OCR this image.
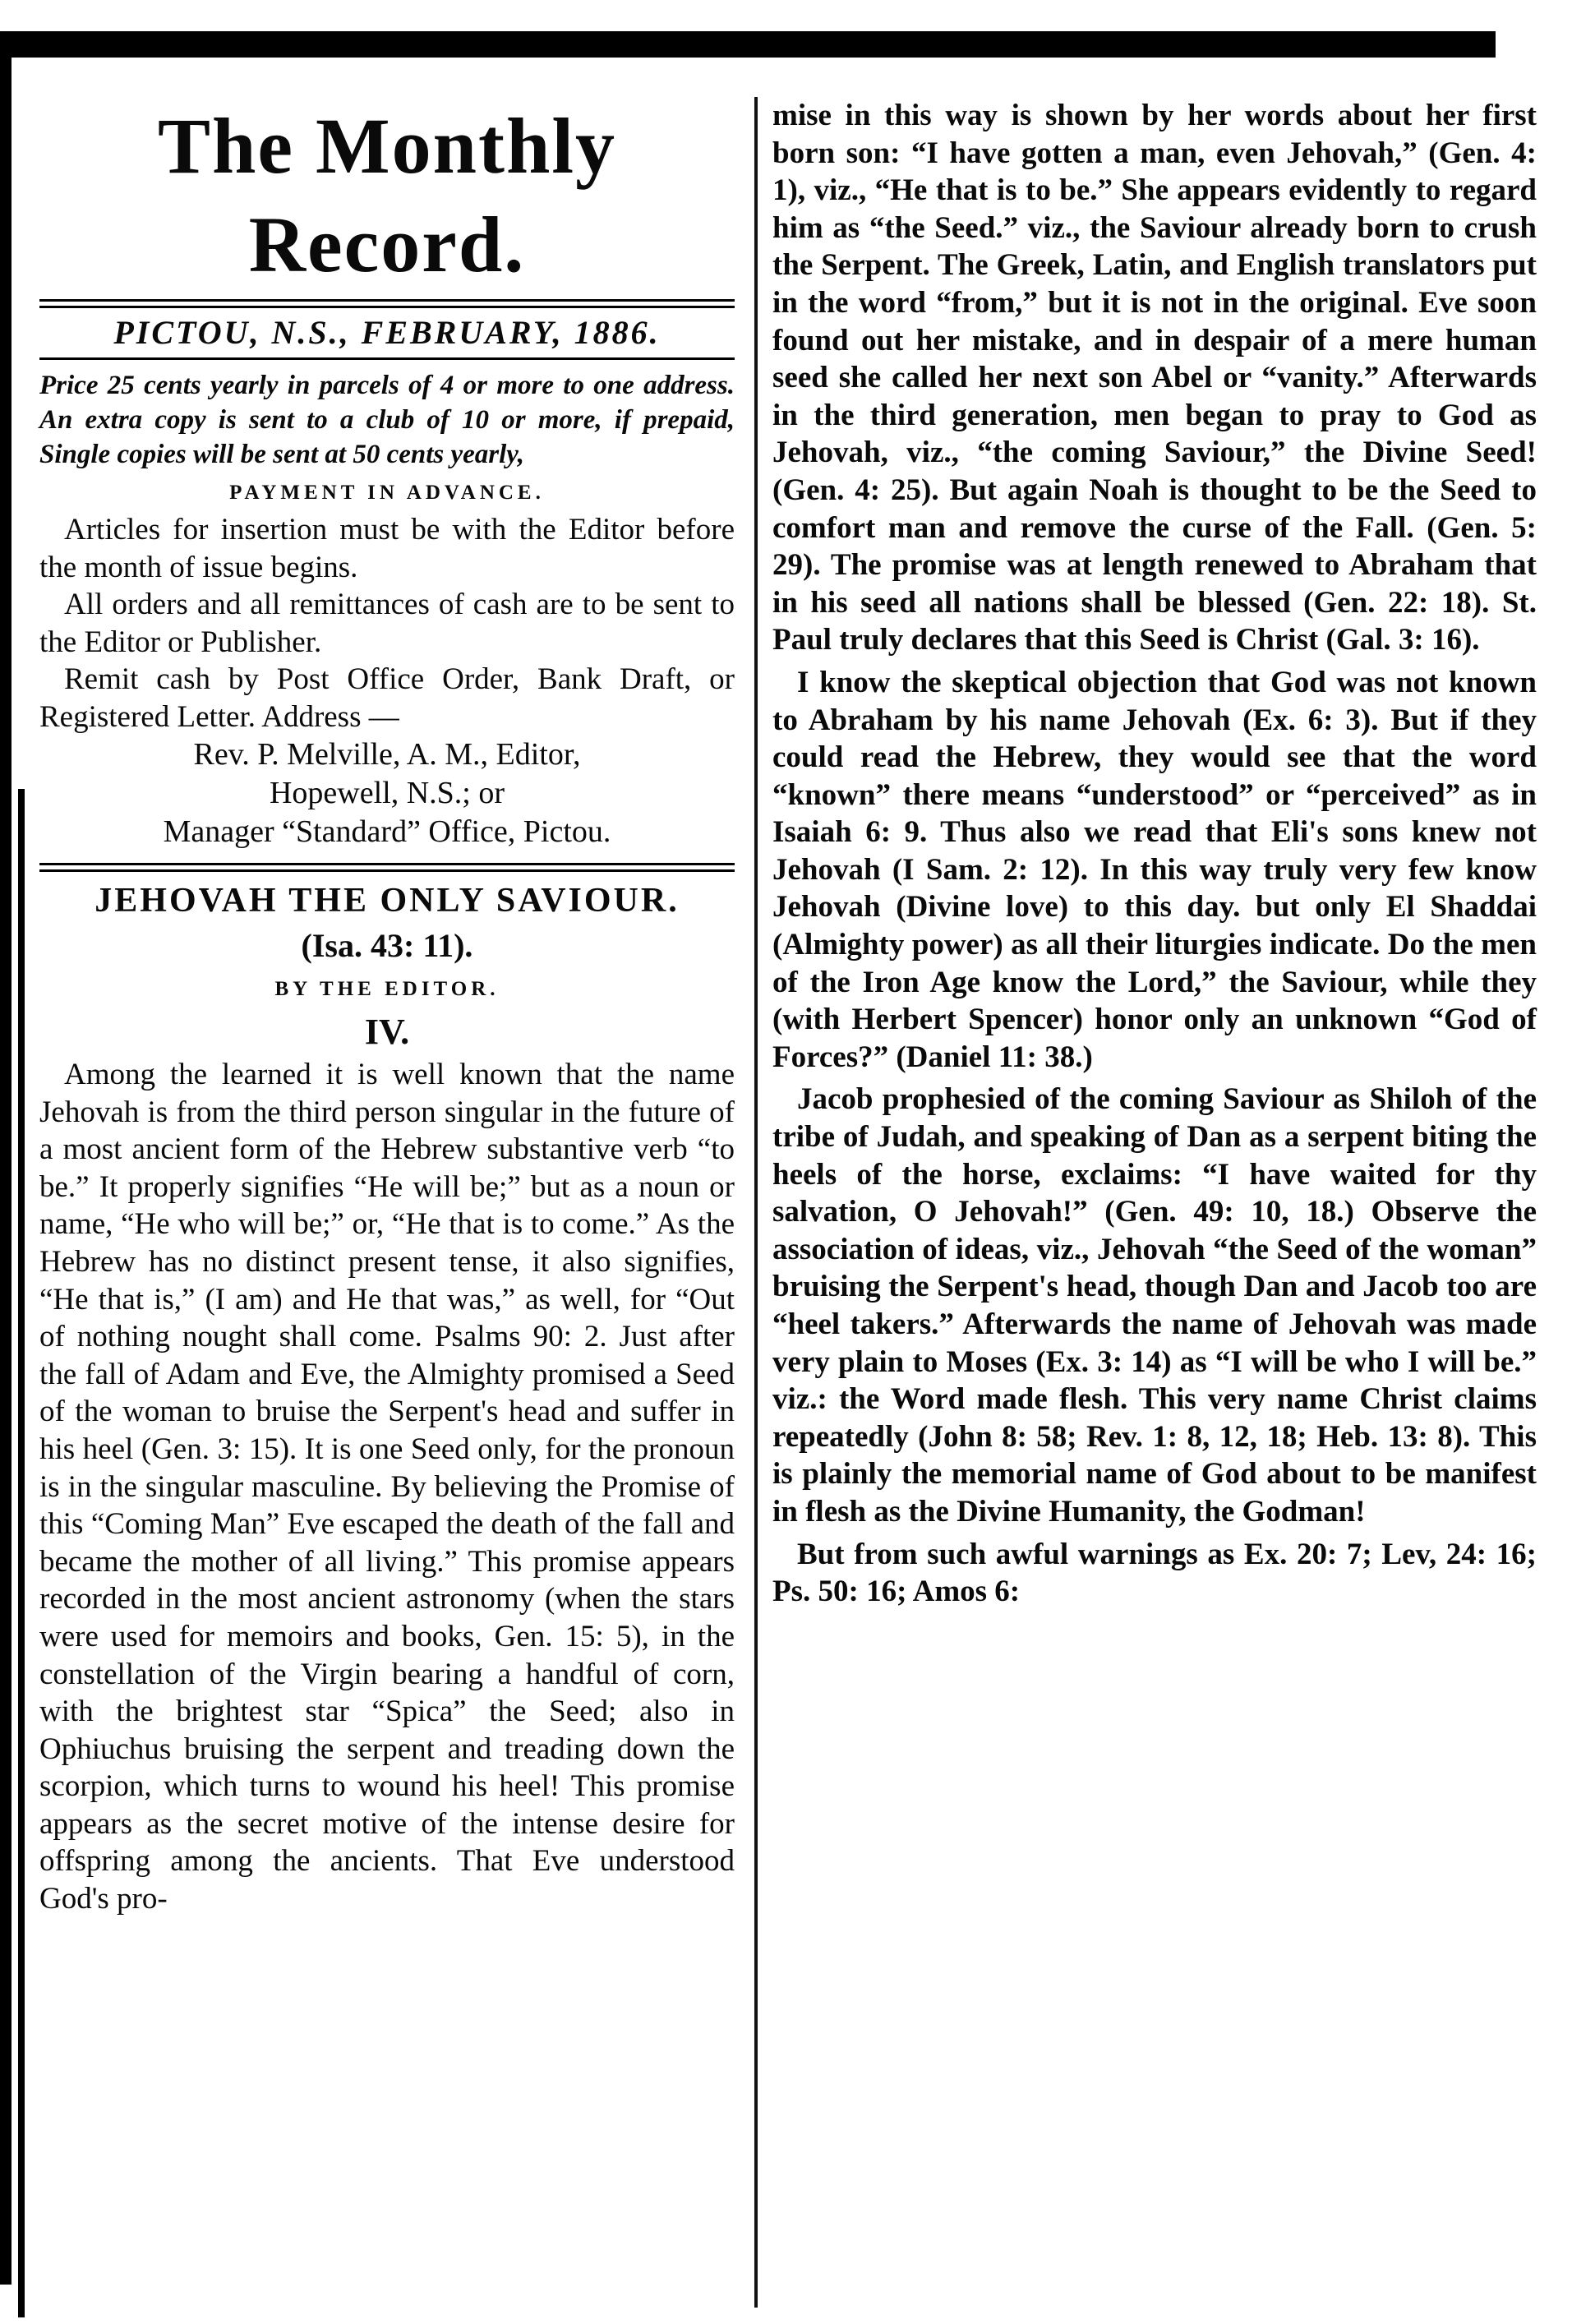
The Monthly Record.
PICTOU, N.S., FEBRUARY, 1886.

Price 25 cents yearly in parcels of 4 or more to one address. An extra copy is sent to a club of 10 or more, if prepaid, Single copies will be sent at 50 cents yearly,

PAYMENT IN ADVANCE.

Articles for insertion must be with the Editor before the month of issue begins.

All orders and all remittances of cash are to be sent to the Editor or Publisher.

Remit cash by Post Office Order, Bank Draft, or Registered Letter. Address —

Rev. P. Melville, A. M., Editor,

Hopewell, N.S.; or

Manager “Standard” Office, Pictou.

JEHOVAH THE ONLY SAVIOUR.
(Isa. 43: 11).
BY THE EDITOR.
IV.

Among the learned it is well known that the name Jehovah is from the third person singular in the future of a most ancient form of the Hebrew substantive verb “to be.” It properly signifies “He will be;” but as a noun or name, “He who will be;” or, “He that is to come.” As the Hebrew has no distinct present tense, it also signifies, “He that is,” (I am) and He that was,” as well, for “Out of nothing nought shall come. Psalms 90: 2. Just after the fall of Adam and Eve, the Almighty promised a Seed of the woman to bruise the Serpent's head and suffer in his heel (Gen. 3: 15). It is one Seed only, for the pronoun is in the singular masculine. By believing the Promise of this “Coming Man” Eve escaped the death of the fall and became the mother of all living.” This promise appears recorded in the most ancient astronomy (when the stars were used for memoirs and books, Gen. 15: 5), in the constellation of the Virgin bearing a handful of corn, with the brightest star “Spica” the Seed; also in Ophiuchus bruising the serpent and treading down the scorpion, which turns to wound his heel! This promise appears as the secret motive of the intense desire for offspring among the ancients. That Eve understood God's pro-

mise in this way is shown by her words about her first born son: “I have gotten a man, even Jehovah,” (Gen. 4: 1), viz., “He that is to be.” She appears evidently to regard him as “the Seed.” viz., the Saviour already born to crush the Serpent. The Greek, Latin, and English translators put in the word “from,” but it is not in the original. Eve soon found out her mistake, and in despair of a mere human seed she called her next son Abel or “vanity.” Afterwards in the third generation, men began to pray to God as Jehovah, viz., “the coming Saviour,” the Divine Seed! (Gen. 4: 25). But again Noah is thought to be the Seed to comfort man and remove the curse of the Fall. (Gen. 5: 29). The promise was at length renewed to Abraham that in his seed all nations shall be blessed (Gen. 22: 18). St. Paul truly declares that this Seed is Christ (Gal. 3: 16).

I know the skeptical objection that God was not known to Abraham by his name Jehovah (Ex. 6: 3). But if they could read the Hebrew, they would see that the word “known” there means “understood” or “perceived” as in Isaiah 6: 9. Thus also we read that Eli's sons knew not Jehovah (I Sam. 2: 12). In this way truly very few know Jehovah (Divine love) to this day. but only El Shaddai (Almighty power) as all their liturgies indicate. Do the men of the Iron Age know the Lord,” the Saviour, while they (with Herbert Spencer) honor only an unknown “God of Forces?” (Daniel 11: 38.)

Jacob prophesied of the coming Saviour as Shiloh of the tribe of Judah, and speaking of Dan as a serpent biting the heels of the horse, exclaims: “I have waited for thy salvation, O Jehovah!” (Gen. 49: 10, 18.) Observe the association of ideas, viz., Jehovah “the Seed of the woman” bruising the Serpent's head, though Dan and Jacob too are “heel takers.” Afterwards the name of Jehovah was made very plain to Moses (Ex. 3: 14) as “I will be who I will be.” viz.: the Word made flesh. This very name Christ claims repeatedly (John 8: 58; Rev. 1: 8, 12, 18; Heb. 13: 8). This is plainly the memorial name of God about to be manifest in flesh as the Divine Humanity, the Godman!

But from such awful warnings as Ex. 20: 7; Lev, 24: 16; Ps. 50: 16; Amos 6:
